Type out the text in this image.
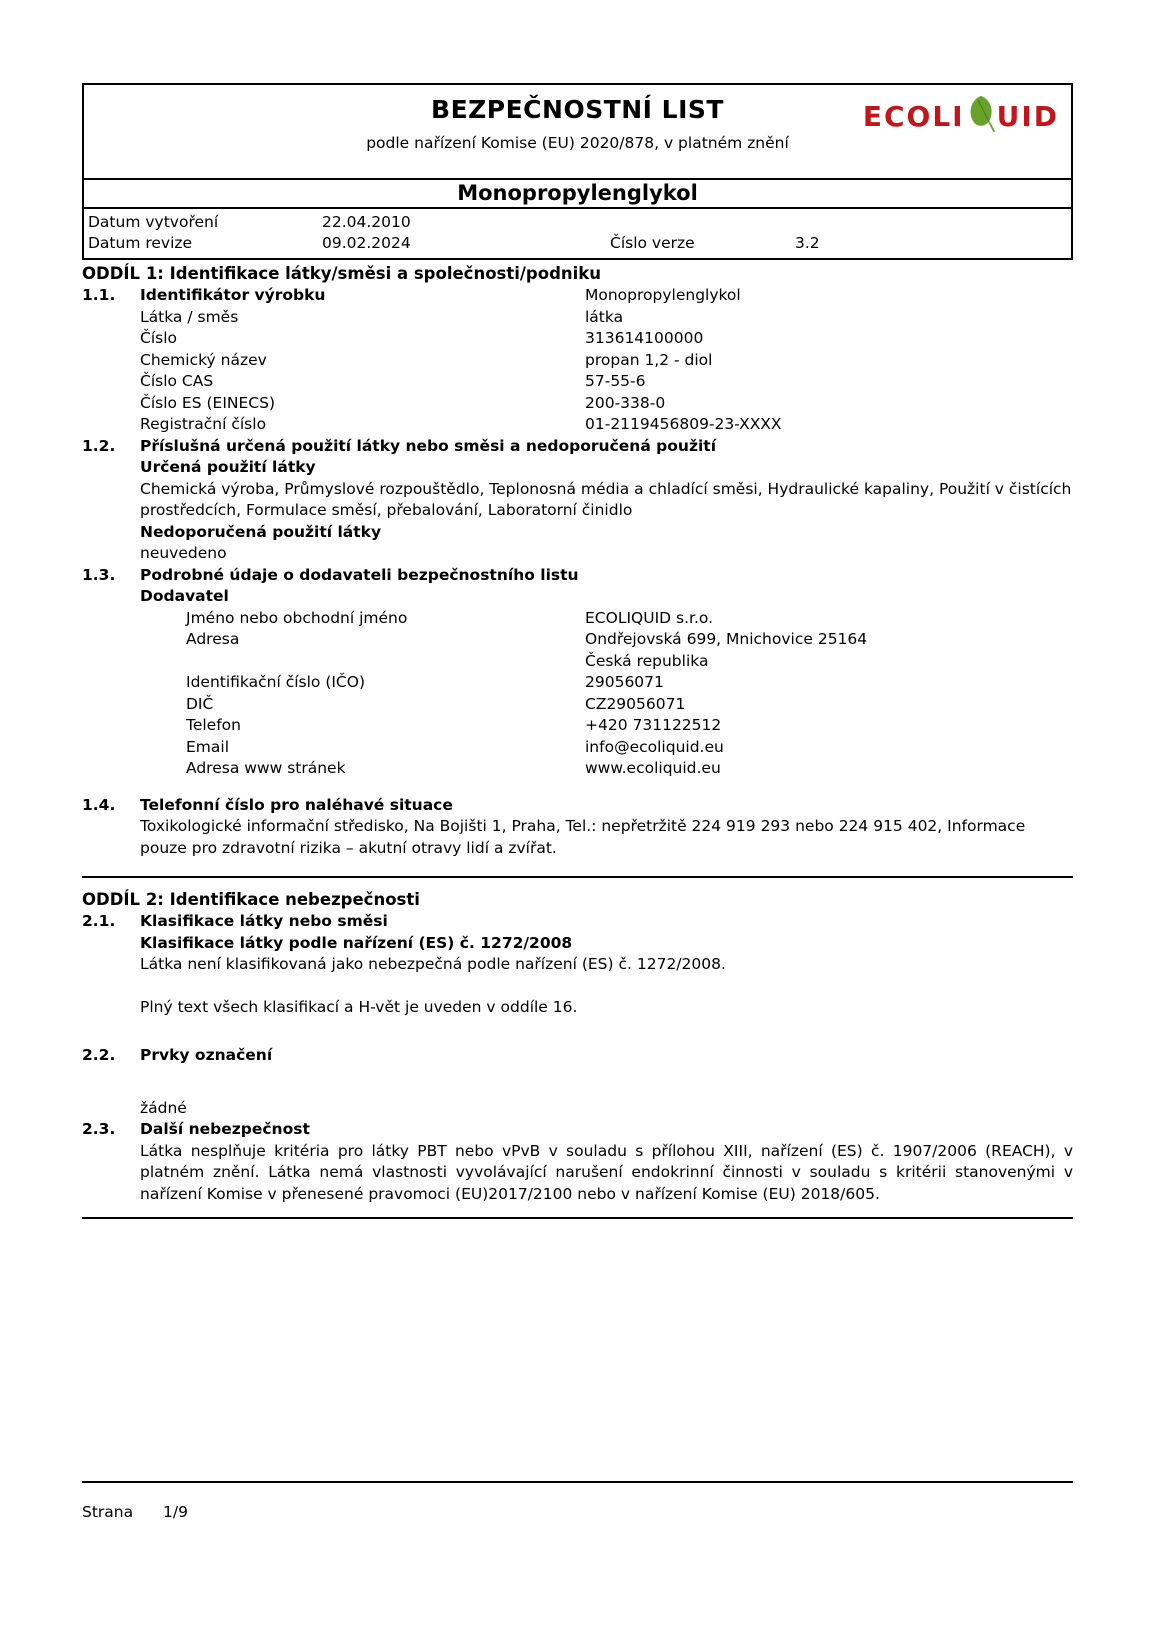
BEZPEČNOSTNÍ LIST
podle nařízení Komise (EU) 2020/878, v platném znění
ECOLI UID
Monopropylenglykol
Datum vytvoření	22.04.2010
Datum revize	09.02.2024	Číslo verze	3.2
ODDÍL 1: Identifikace látky/směsi a společnosti/podniku
1.1.	Identifikátor výrobku	Monopropylenglykol
Látka / směs	látka
Číslo	313614100000
Chemický název	propan 1,2 - diol
Číslo CAS	57-55-6
Číslo ES (EINECS)	200-338-0
Registrační číslo	01-2119456809-23-XXXX
1.2.	Příslušná určená použití látky nebo směsi a nedoporučená použití
Určená použití látky
Chemická výroba, Průmyslové rozpouštědlo, Teplonosná média a chladící směsi, Hydraulické kapaliny, Použití v čistících prostředcích, Formulace směsí, přebalování, Laboratorní činidlo
Nedoporučená použití látky
neuvedeno
1.3.	Podrobné údaje o dodavateli bezpečnostního listu
Dodavatel
Jméno nebo obchodní jméno	ECOLIQUID s.r.o.
Adresa	Ondřejovská 699, Mnichovice 25164
Česká republika
Identifikační číslo (IČO)	29056071
DIČ	CZ29056071
Telefon	+420 731122512
Email	info@ecoliquid.eu
Adresa www stránek	www.ecoliquid.eu
1.4.	Telefonní číslo pro naléhavé situace
Toxikologické informační středisko, Na Bojišti 1, Praha, Tel.: nepřetržitě 224 919 293 nebo 224 915 402, Informace pouze pro zdravotní rizika – akutní otravy lidí a zvířat.
ODDÍL 2: Identifikace nebezpečnosti
2.1.	Klasifikace látky nebo směsi
Klasifikace látky podle nařízení (ES) č. 1272/2008
Látka není klasifikovaná jako nebezpečná podle nařízení (ES) č. 1272/2008.
Plný text všech klasifikací a H-vět je uveden v oddíle 16.
2.2.	Prvky označení
žádné
2.3.	Další nebezpečnost
Látka nesplňuje kritéria pro látky PBT nebo vPvB v souladu s přílohou XIII, nařízení (ES) č. 1907/2006 (REACH), v platném znění. Látka nemá vlastnosti vyvolávající narušení endokrinní činnosti v souladu s kritérii stanovenými v nařízení Komise v přenesené pravomoci (EU)2017/2100 nebo v nařízení Komise (EU) 2018/605.
Strana	1/9
